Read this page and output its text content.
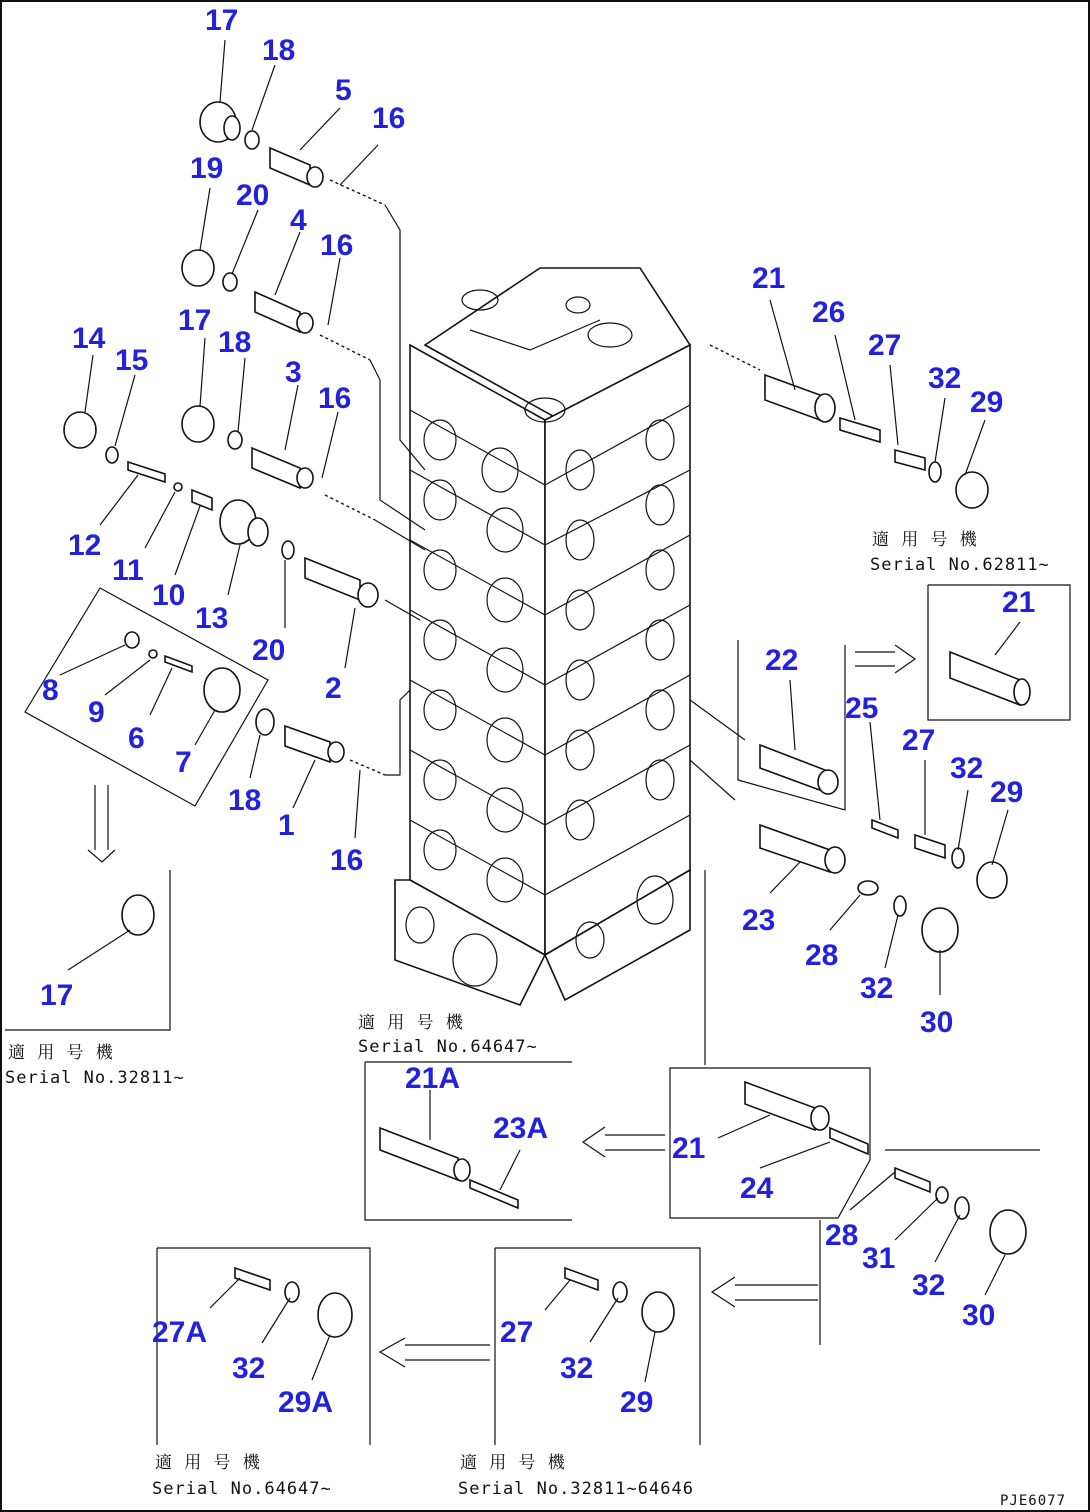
17
18
5
16
19
20
4
16
17
18
3
16
14
15
12
11
10
13
20
2
8
9
6
7
18
1
16
17
21
26
27
32
29
21
22
25
27
32
29
23
28
32
30
21A
23A
21
24
28
31
32
30
27A
32
29A
27
32
29
適 用 号 機
Serial No.62811~
適 用 号 機
Serial No.64647~
適 用 号 機
Serial No.32811~
適 用 号 機
Serial No.64647~
適 用 号 機
Serial No.32811~64646
PJE6077
